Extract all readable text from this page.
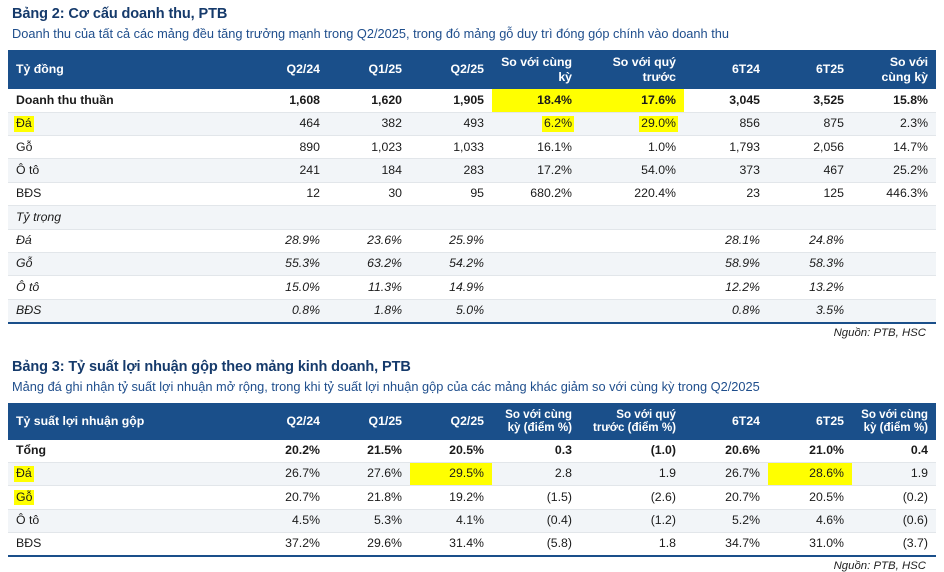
Bảng 2: Cơ cấu doanh thu, PTB
Doanh thu của tất cả các mảng đều tăng trưởng mạnh trong Q2/2025, trong đó mảng gỗ duy trì đóng góp chính vào doanh thu
Tỷ đồng	Q2/24	Q1/25	Q2/25	So với cùng kỳ	So với quý trước	6T24	6T25	So với cùng kỳ
Doanh thu thuần	1,608	1,620	1,905	18.4%	17.6%	3,045	3,525	15.8%
Đá	464	382	493	6.2%	29.0%	856	875	2.3%
Gỗ	890	1,023	1,033	16.1%	1.0%	1,793	2,056	14.7%
Ô tô	241	184	283	17.2%	54.0%	373	467	25.2%
BĐS	12	30	95	680.2%	220.4%	23	125	446.3%
Tỷ trọng								
Đá	28.9%	23.6%	25.9%			28.1%	24.8%	
Gỗ	55.3%	63.2%	54.2%			58.9%	58.3%	
Ô tô	15.0%	11.3%	14.9%			12.2%	13.2%	
BĐS	0.8%	1.8%	5.0%			0.8%	3.5%	
Nguồn: PTB, HSC
Bảng 3: Tỷ suất lợi nhuận gộp theo mảng kinh doanh, PTB
Mảng đá ghi nhận tỷ suất lợi nhuận mở rộng, trong khi tỷ suất lợi nhuận gộp của các mảng khác giảm so với cùng kỳ trong Q2/2025
Tỷ suất lợi nhuận gộp	Q2/24	Q1/25	Q2/25	So với cùng kỳ (điểm %)	So với quý trước (điểm %)	6T24	6T25	So với cùng kỳ (điểm %)
Tổng	20.2%	21.5%	20.5%	0.3	(1.0)	20.6%	21.0%	0.4
Đá	26.7%	27.6%	29.5%	2.8	1.9	26.7%	28.6%	1.9
Gỗ	20.7%	21.8%	19.2%	(1.5)	(2.6)	20.7%	20.5%	(0.2)
Ô tô	4.5%	5.3%	4.1%	(0.4)	(1.2)	5.2%	4.6%	(0.6)
BĐS	37.2%	29.6%	31.4%	(5.8)	1.8	34.7%	31.0%	(3.7)
Nguồn: PTB, HSC
